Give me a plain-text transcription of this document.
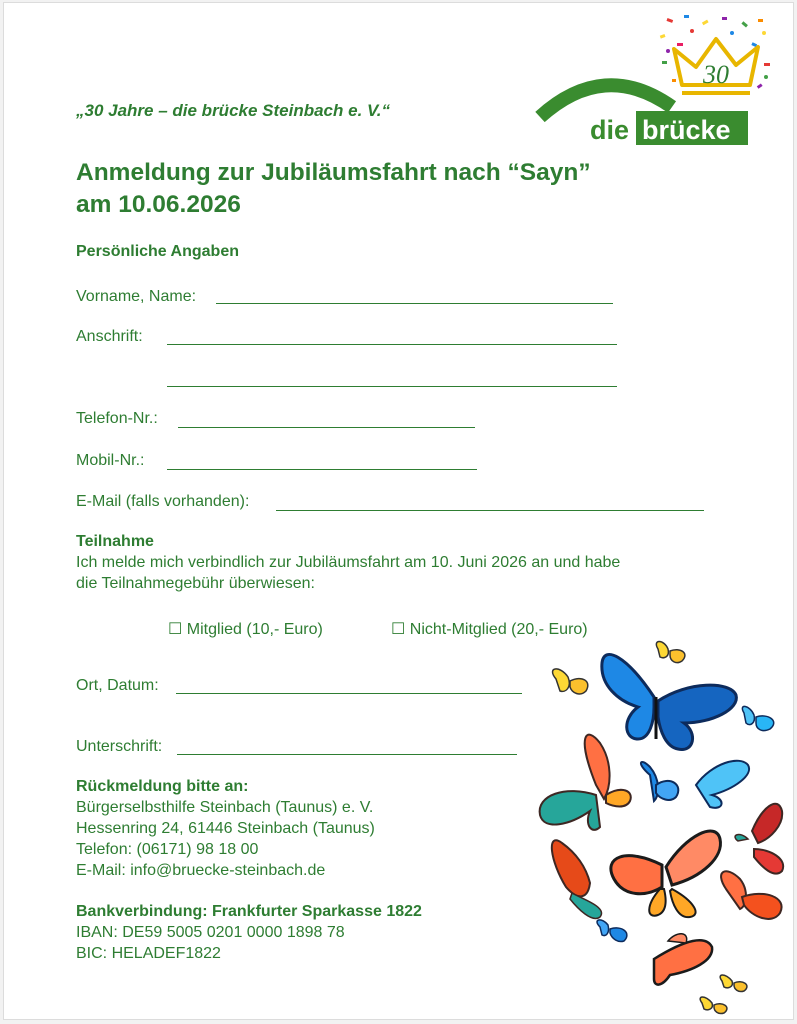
„30 Jahre – die brücke Steinbach e. V.“
30
die brücke
Anmeldung zur Jubiläumsfahrt nach “Sayn”
am 10.06.2026
Persönliche Angaben
Vorname, Name:
Anschrift:
Telefon-Nr.:
Mobil-Nr.:
E-Mail (falls vorhanden):
Teilnahme
Ich melde mich verbindlich zur Jubiläumsfahrt am 10. Juni 2026 an und habe
die Teilnahmegebühr überwiesen:
☐ Mitglied (10,- Euro)	☐ Nicht-Mitglied (20,- Euro)
Ort, Datum:
Unterschrift:
Rückmeldung bitte an:
Bürgerselbsthilfe Steinbach (Taunus) e. V.
Hessenring 24, 61446 Steinbach (Taunus)
Telefon: (06171) 98 18 00
E-Mail: info@bruecke-steinbach.de
Bankverbindung: Frankfurter Sparkasse 1822
IBAN: DE59 5005 0201 0000 1898 78
BIC: HELADEF1822
